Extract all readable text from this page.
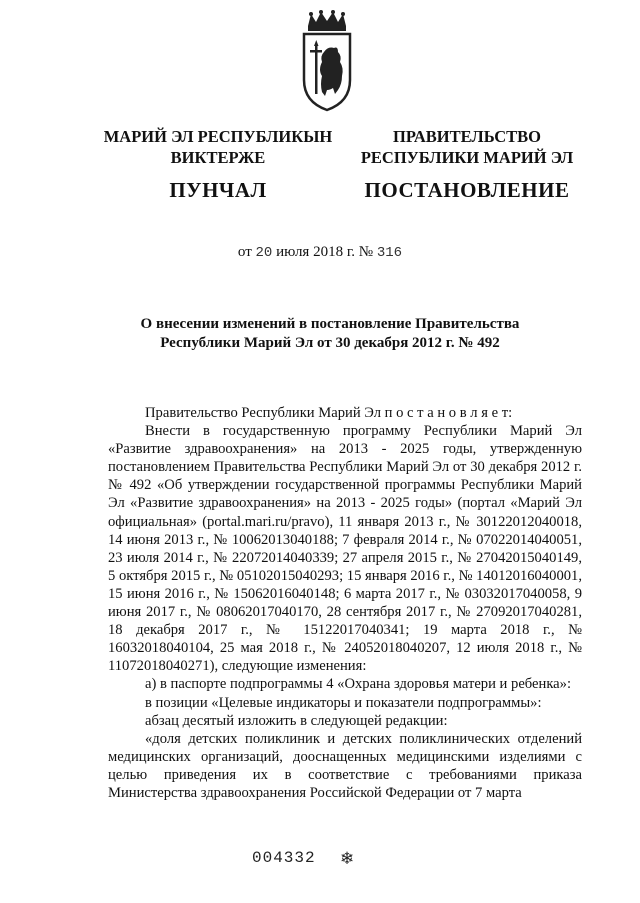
МАРИЙ ЭЛ РЕСПУБЛИКЫН
ВИКТЕРЖЕ
ПУНЧАЛ
ПРАВИТЕЛЬСТВО
РЕСПУБЛИКИ МАРИЙ ЭЛ
ПОСТАНОВЛЕНИЕ
от 20 июля 2018 г. № 316
О внесении изменений в постановление Правительства
Республики Марий Эл от 30 декабря 2012 г. № 492

Правительство Республики Марий Эл п о с т а н о в л я е т:

Внести в государственную программу Республики Марий Эл «Развитие здравоохранения» на 2013 - 2025 годы, утвержденную постановлением Правительства Республики Марий Эл от 30 декабря 2012 г. № 492 «Об утверждении государственной программы Республики Марий Эл «Развитие здравоохранения» на 2013 - 2025 годы» (портал «Марий Эл официальная» (portal.mari.ru/pravo), 11 января 2013 г., № 30122012040018, 14 июня 2013 г., № 10062013040188; 7 февраля 2014 г., № 07022014040051, 23 июля 2014 г., № 22072014040339; 27 апреля 2015 г., № 27042015040149, 5 октября 2015 г., № 05102015040293; 15 января 2016 г., № 14012016040001, 15 июня 2016 г., № 15062016040148; 6 марта 2017 г., № 03032017040058, 9 июня 2017 г., № 08062017040170, 28 сентября 2017 г., № 27092017040281, 18 декабря 2017 г., № 15122017040341; 19 марта 2018 г., № 16032018040104, 25 мая 2018 г., № 24052018040207, 12 июля 2018 г., № 11072018040271), следующие изменения:

а) в паспорте подпрограммы 4 «Охрана здоровья матери и ребенка»:

в позиции «Целевые индикаторы и показатели подпрограммы»:

абзац десятый изложить в следующей редакции:

«доля детских поликлиник и детских поликлинических отделений медицинских организаций, дооснащенных медицинскими изделиями с целью приведения их в соответствие с требованиями приказа Министерства здравоохранения Российской Федерации от 7 марта

004332 ❄
